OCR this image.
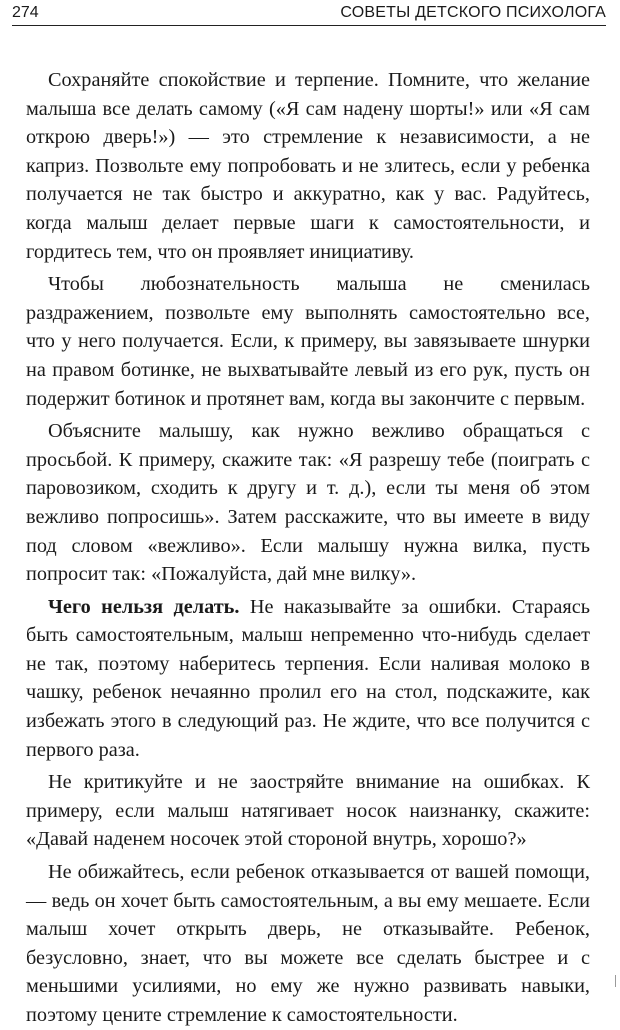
274	СОВЕТЫ ДЕТСКОГО ПСИХОЛОГА

Сохраняйте спокойствие и терпение. Помните, что желание малыша все делать самому («Я сам надену шорты!» или «Я сам открою дверь!») — это стремление к независимости, а не каприз. Позвольте ему попробовать и не злитесь, если у ребенка получается не так быстро и аккуратно, как у вас. Радуйтесь, когда малыш делает первые шаги к самостоятельности, и гордитесь тем, что он проявляет инициативу.

Чтобы любознательность малыша не сменилась раздражением, позвольте ему выполнять самостоятельно все, что у него получается. Если, к примеру, вы завязываете шнурки на правом ботинке, не выхватывайте левый из его рук, пусть он подержит ботинок и протянет вам, когда вы закончите с первым.

Объясните малышу, как нужно вежливо обращаться с просьбой. К примеру, скажите так: «Я разрешу тебе (поиграть с паровозиком, сходить к другу и т. д.), если ты меня об этом вежливо попросишь». Затем расскажите, что вы имеете в виду под словом «вежливо». Если малышу нужна вилка, пусть попросит так: «Пожалуйста, дай мне вилку».

Чего нельзя делать. Не наказывайте за ошибки. Стараясь быть самостоятельным, малыш непременно что-нибудь сделает не так, поэтому наберитесь терпения. Если наливая молоко в чашку, ребенок нечаянно пролил его на стол, подскажите, как избежать этого в следующий раз. Не ждите, что все получится с первого раза.

Не критикуйте и не заостряйте внимание на ошибках. К примеру, если малыш натягивает носок наизнанку, скажите: «Давай наденем носочек этой стороной внутрь, хорошо?»

Не обижайтесь, если ребенок отказывается от вашей помощи, — ведь он хочет быть самостоятельным, а вы ему мешаете. Если малыш хочет открыть дверь, не отказывайте. Ребенок, безусловно, знает, что вы можете все сделать быстрее и с меньшими усилиями, но ему же нужно развивать навыки, поэтому цените стремление к самостоятельности.
